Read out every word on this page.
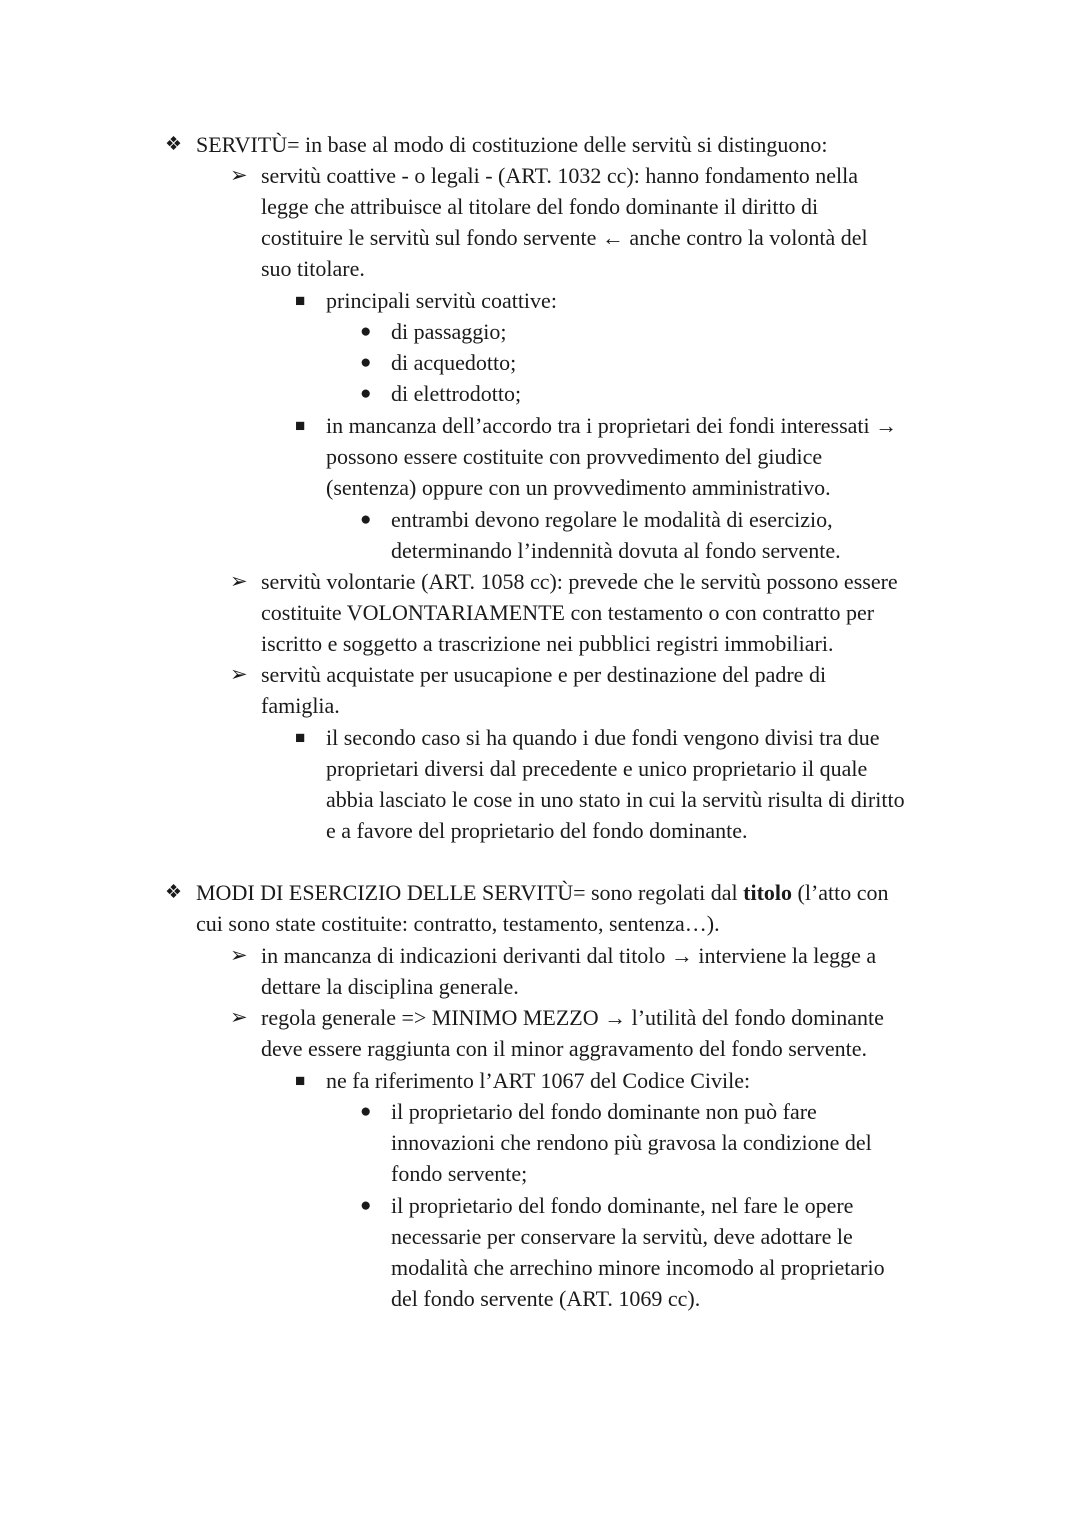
❖ SERVITÙ= in base al modo di costituzione delle servitù si distinguono:
➢ servitù coattive - o legali - (ART. 1032 cc): hanno fondamento nella
legge che attribuisce al titolare del fondo dominante il diritto di
costituire le servitù sul fondo servente ← anche contro la volontà del
suo titolare.
■ principali servitù coattive:
● di passaggio;
● di acquedotto;
● di elettrodotto;
■ in mancanza dell’accordo tra i proprietari dei fondi interessati →
possono essere costituite con provvedimento del giudice
(sentenza) oppure con un provvedimento amministrativo.
● entrambi devono regolare le modalità di esercizio,
determinando l’indennità dovuta al fondo servente.
➢ servitù volontarie (ART. 1058 cc): prevede che le servitù possono essere
costituite VOLONTARIAMENTE con testamento o con contratto per
iscritto e soggetto a trascrizione nei pubblici registri immobiliari.
➢ servitù acquistate per usucapione e per destinazione del padre di
famiglia.
■ il secondo caso si ha quando i due fondi vengono divisi tra due
proprietari diversi dal precedente e unico proprietario il quale
abbia lasciato le cose in uno stato in cui la servitù risulta di diritto
e a favore del proprietario del fondo dominante.
❖ MODI DI ESERCIZIO DELLE SERVITÙ= sono regolati dal titolo (l’atto con
cui sono state costituite: contratto, testamento, sentenza…).
➢ in mancanza di indicazioni derivanti dal titolo → interviene la legge a
dettare la disciplina generale.
➢ regola generale => MINIMO MEZZO → l’utilità del fondo dominante
deve essere raggiunta con il minor aggravamento del fondo servente.
■ ne fa riferimento l’ART 1067 del Codice Civile:
● il proprietario del fondo dominante non può fare
innovazioni che rendono più gravosa la condizione del
fondo servente;
● il proprietario del fondo dominante, nel fare le opere
necessarie per conservare la servitù, deve adottare le
modalità che arrechino minore incomodo al proprietario
del fondo servente (ART. 1069 cc).
